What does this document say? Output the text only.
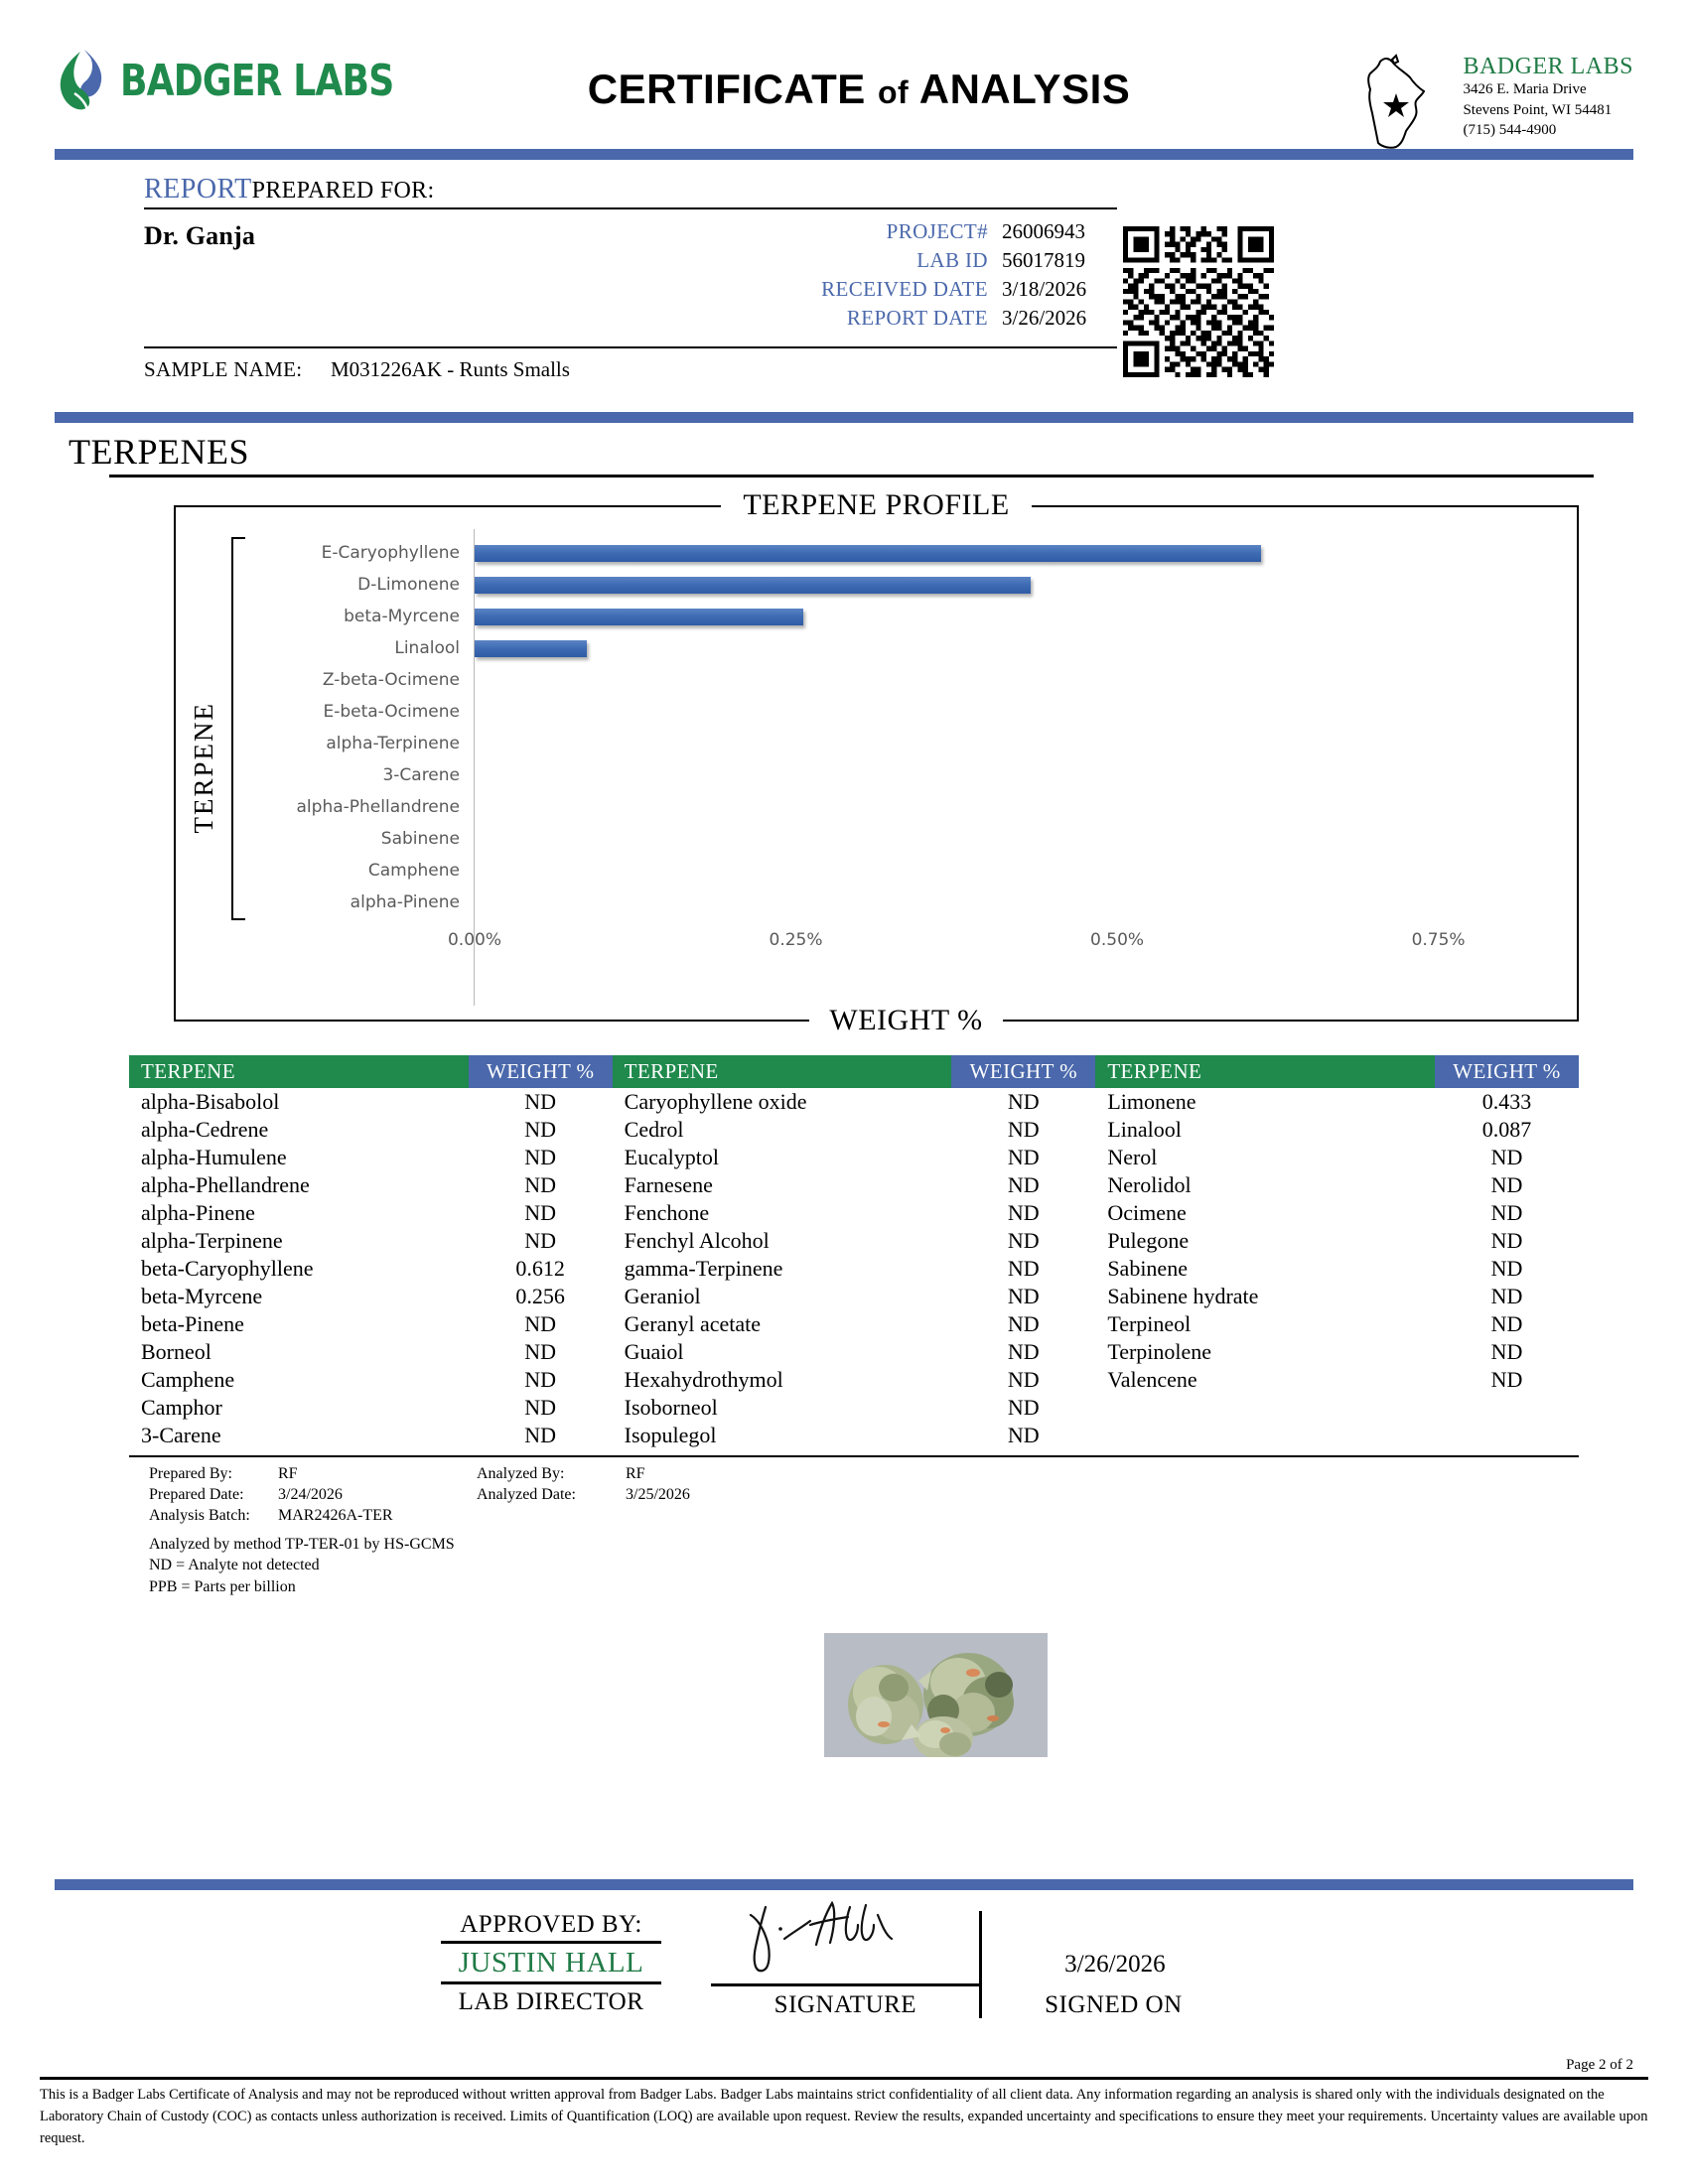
BADGER LABS	CERTIFICATE of ANALYSIS	BADGER LABS
3426 E. Maria Drive
Stevens Point, WI 54481
(715) 544-4900
REPORT PREPARED FOR:
Dr. Ganja	PROJECT# 26006943
LAB ID 56017819
RECEIVED DATE 3/18/2026
REPORT DATE 3/26/2026
SAMPLE NAME:	M031226AK - Runts Smalls
TERPENES
TERPENE PROFILE
TERPENE
E-Caryophyllene
D-Limonene
beta-Myrcene
Linalool
Z-beta-Ocimene
E-beta-Ocimene
alpha-Terpinene
3-Carene
alpha-Phellandrene
Sabinene
Camphene
alpha-Pinene
0.00%	0.25%	0.50%	0.75%
WEIGHT %
TERPENE	WEIGHT %	TERPENE	WEIGHT %	TERPENE	WEIGHT %
alpha-Bisabolol	ND	Caryophyllene oxide	ND	Limonene	0.433
alpha-Cedrene	ND	Cedrol	ND	Linalool	0.087
alpha-Humulene	ND	Eucalyptol	ND	Nerol	ND
alpha-Phellandrene	ND	Farnesene	ND	Nerolidol	ND
alpha-Pinene	ND	Fenchone	ND	Ocimene	ND
alpha-Terpinene	ND	Fenchyl Alcohol	ND	Pulegone	ND
beta-Caryophyllene	0.612	gamma-Terpinene	ND	Sabinene	ND
beta-Myrcene	0.256	Geraniol	ND	Sabinene hydrate	ND
beta-Pinene	ND	Geranyl acetate	ND	Terpineol	ND
Borneol	ND	Guaiol	ND	Terpinolene	ND
Camphene	ND	Hexahydrothymol	ND	Valencene	ND
Camphor	ND	Isoborneol	ND
3-Carene	ND	Isopulegol	ND
Prepared By:	RF	Analyzed By:	RF
Prepared Date:	3/24/2026	Analyzed Date:	3/25/2026
Analysis Batch:	MAR2426A-TER
Analyzed by method TP-TER-01 by HS-GCMS
ND = Analyte not detected
PPB = Parts per billion
APPROVED BY:
JUSTIN HALL
LAB DIRECTOR
3/26/2026
SIGNATURE	SIGNED ON
Page 2 of 2
This is a Badger Labs Certificate of Analysis and may not be reproduced without written approval from Badger Labs. Badger Labs maintains strict confidentiality of all client data. Any information regarding an analysis is shared only with the individuals designated on the Laboratory Chain of Custody (COC) as contacts unless authorization is received. Limits of Quantification (LOQ) are available upon request. Review the results, expanded uncertainty and specifications to ensure they meet your requirements. Uncertainty values are available upon request.
